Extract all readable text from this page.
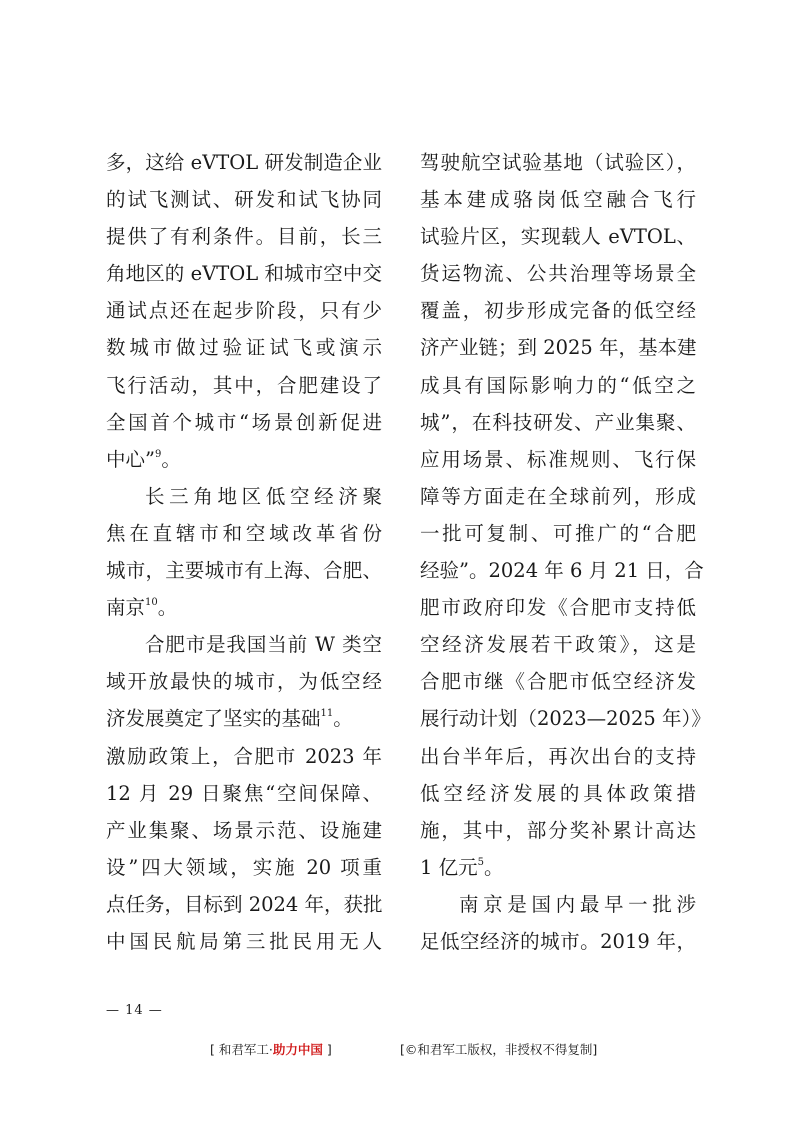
多，这给 eVTOL 研发制造企业
的试飞测试、研发和试飞协同
提供了有利条件。目前，长三
角地区的 eVTOL 和城市空中交
通试点还在起步阶段，只有少
数城市做过验证试飞或演示
飞行活动，其中，合肥建设了
全国首个城市“场景创新促进
中心”$^9$。
长三角地区低空经济聚
焦在直辖市和空域改革省份
城市，主要城市有上海、合肥、
南京$^{10}$。
合肥市是我国当前 W 类空
域开放最快的城市，为低空经
济发展奠定了坚实的基础$^{11}$。
激励政策上，合肥市 2023 年
12 月 29 日聚焦“空间保障、
产业集聚、场景示范、设施建
设”四大领域，实施 20 项重
点任务，目标到 2024 年，获批
中国民航局第三批民用无人
驾驶航空试验基地（试验区），
基本建成骆岗低空融合飞行
试验片区，实现载人 eVTOL、
货运物流、公共治理等场景全
覆盖，初步形成完备的低空经
济产业链；到 2025 年，基本建
成具有国际影响力的“低空之
城”，在科技研发、产业集聚、
应用场景、标准规则、飞行保
障等方面走在全球前列，形成
一批可复制、可推广的“合肥
经验”。2024 年 6 月 21 日，合
肥市政府印发《合肥市支持低
空经济发展若干政策》，这是
合肥市继《合肥市低空经济发
展行动计划（2023—2025 年）》
出台半年后，再次出台的支持
低空经济发展的具体政策措
施，其中，部分奖补累计高达
1 亿元$^5$。
南京是国内最早一批涉
足低空经济的城市。2019 年，
— 14 —
[ 和君军工·助力中国 ]	[©和君军工版权，非授权不得复制]
